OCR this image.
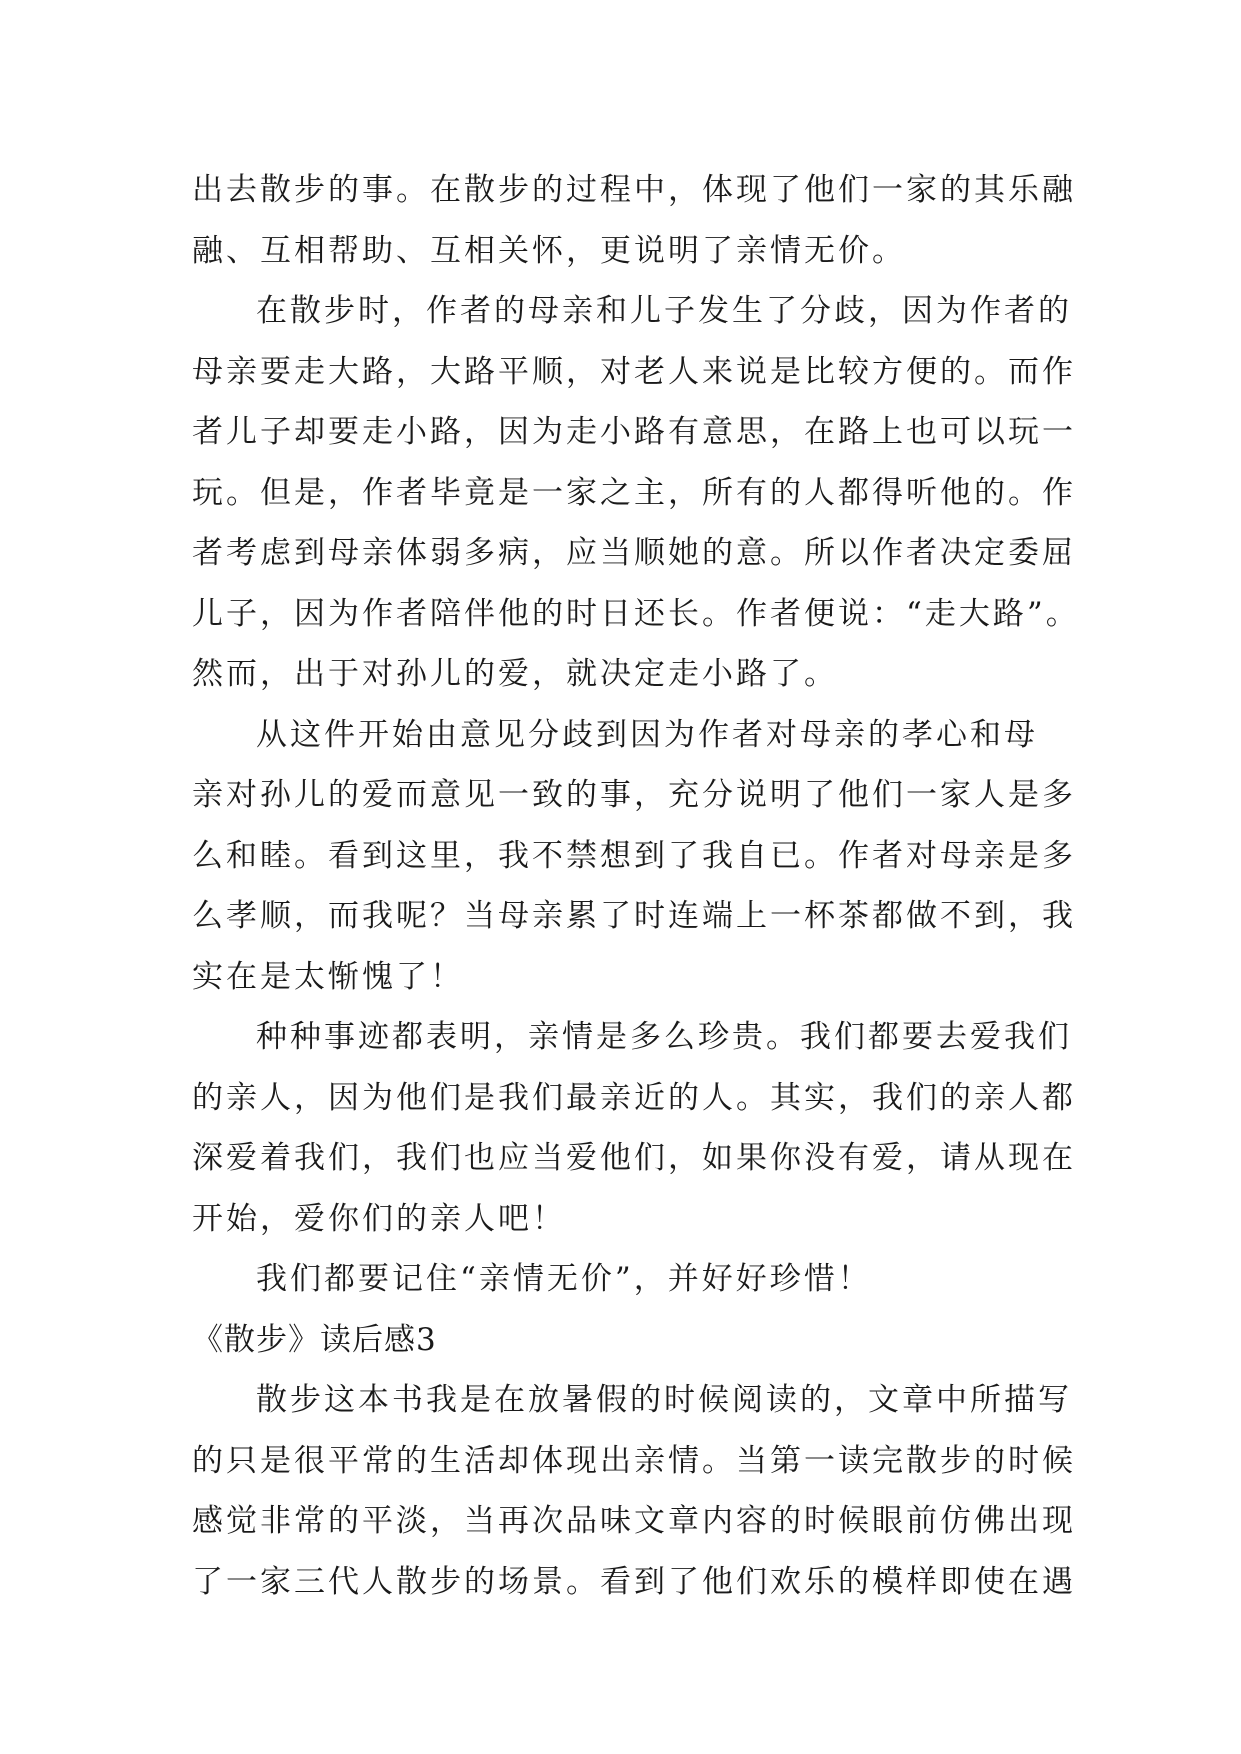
出去散步的事。在散步的过程中，体现了他们一家的其乐融
融、互相帮助、互相关怀，更说明了亲情无价。
在散步时，作者的母亲和儿子发生了分歧，因为作者的
母亲要走大路，大路平顺，对老人来说是比较方便的。而作
者儿子却要走小路，因为走小路有意思，在路上也可以玩一
玩。但是，作者毕竟是一家之主，所有的人都得听他的。作
者考虑到母亲体弱多病，应当顺她的意。所以作者决定委屈
儿子，因为作者陪伴他的时日还长。作者便说：“走大路”。
然而，出于对孙儿的爱，就决定走小路了。
从这件开始由意见分歧到因为作者对母亲的孝心和母
亲对孙儿的爱而意见一致的事，充分说明了他们一家人是多
么和睦。看到这里，我不禁想到了我自已。作者对母亲是多
么孝顺，而我呢？当母亲累了时连端上一杯茶都做不到，我
实在是太惭愧了！
种种事迹都表明，亲情是多么珍贵。我们都要去爱我们
的亲人，因为他们是我们最亲近的人。其实，我们的亲人都
深爱着我们，我们也应当爱他们，如果你没有爱，请从现在
开始，爱你们的亲人吧！
我们都要记住“亲情无价”，并好好珍惜！
《散步》读后感3
散步这本书我是在放暑假的时候阅读的，文章中所描写
的只是很平常的生活却体现出亲情。当第一读完散步的时候
感觉非常的平淡，当再次品味文章内容的时候眼前仿佛出现
了一家三代人散步的场景。看到了他们欢乐的模样即使在遇
